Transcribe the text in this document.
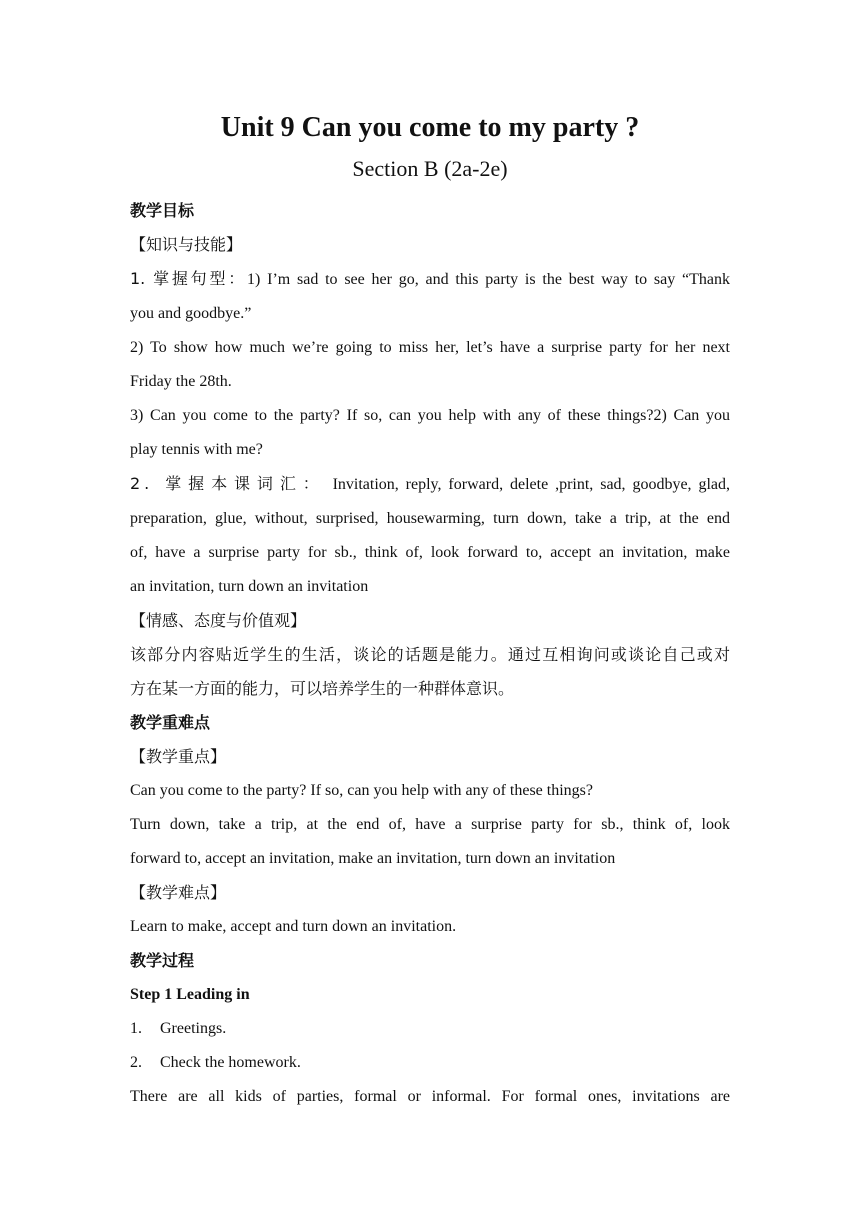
Unit 9 Can you come to my party ?
Section B (2a-2e)

教学目标

【知识与技能】

1. 掌握句型：1) I’m sad to see her go, and this party is the best way to say “Thank

you and goodbye.”

2) To show how much we’re going to miss her, let’s have a surprise party for her next

Friday the 28th.

3) Can you come to the party? If so, can you help with any of these things?2) Can you

play tennis with me?

2. 掌握本课词汇： Invitation, reply, forward, delete ,print, sad, goodbye, glad,

preparation, glue, without, surprised, housewarming, turn down, take a trip, at the end

of, have a surprise party for sb., think of, look forward to, accept an invitation, make

an invitation, turn down an invitation

【情感、态度与价值观】

该部分内容贴近学生的生活，谈论的话题是能力。通过互相询问或谈论自己或对

方在某一方面的能力，可以培养学生的一种群体意识。

教学重难点

【教学重点】

Can you come to the party? If so, can you help with any of these things?

Turn down, take a trip, at the end of, have a surprise party for sb., think of, look

forward to, accept an invitation, make an invitation, turn down an invitation

【教学难点】

Learn to make, accept and turn down an invitation.

教学过程

Step 1 Leading in

1. Greetings.

2. Check the homework.

There are all kids of parties, formal or informal. For formal ones, invitations are
